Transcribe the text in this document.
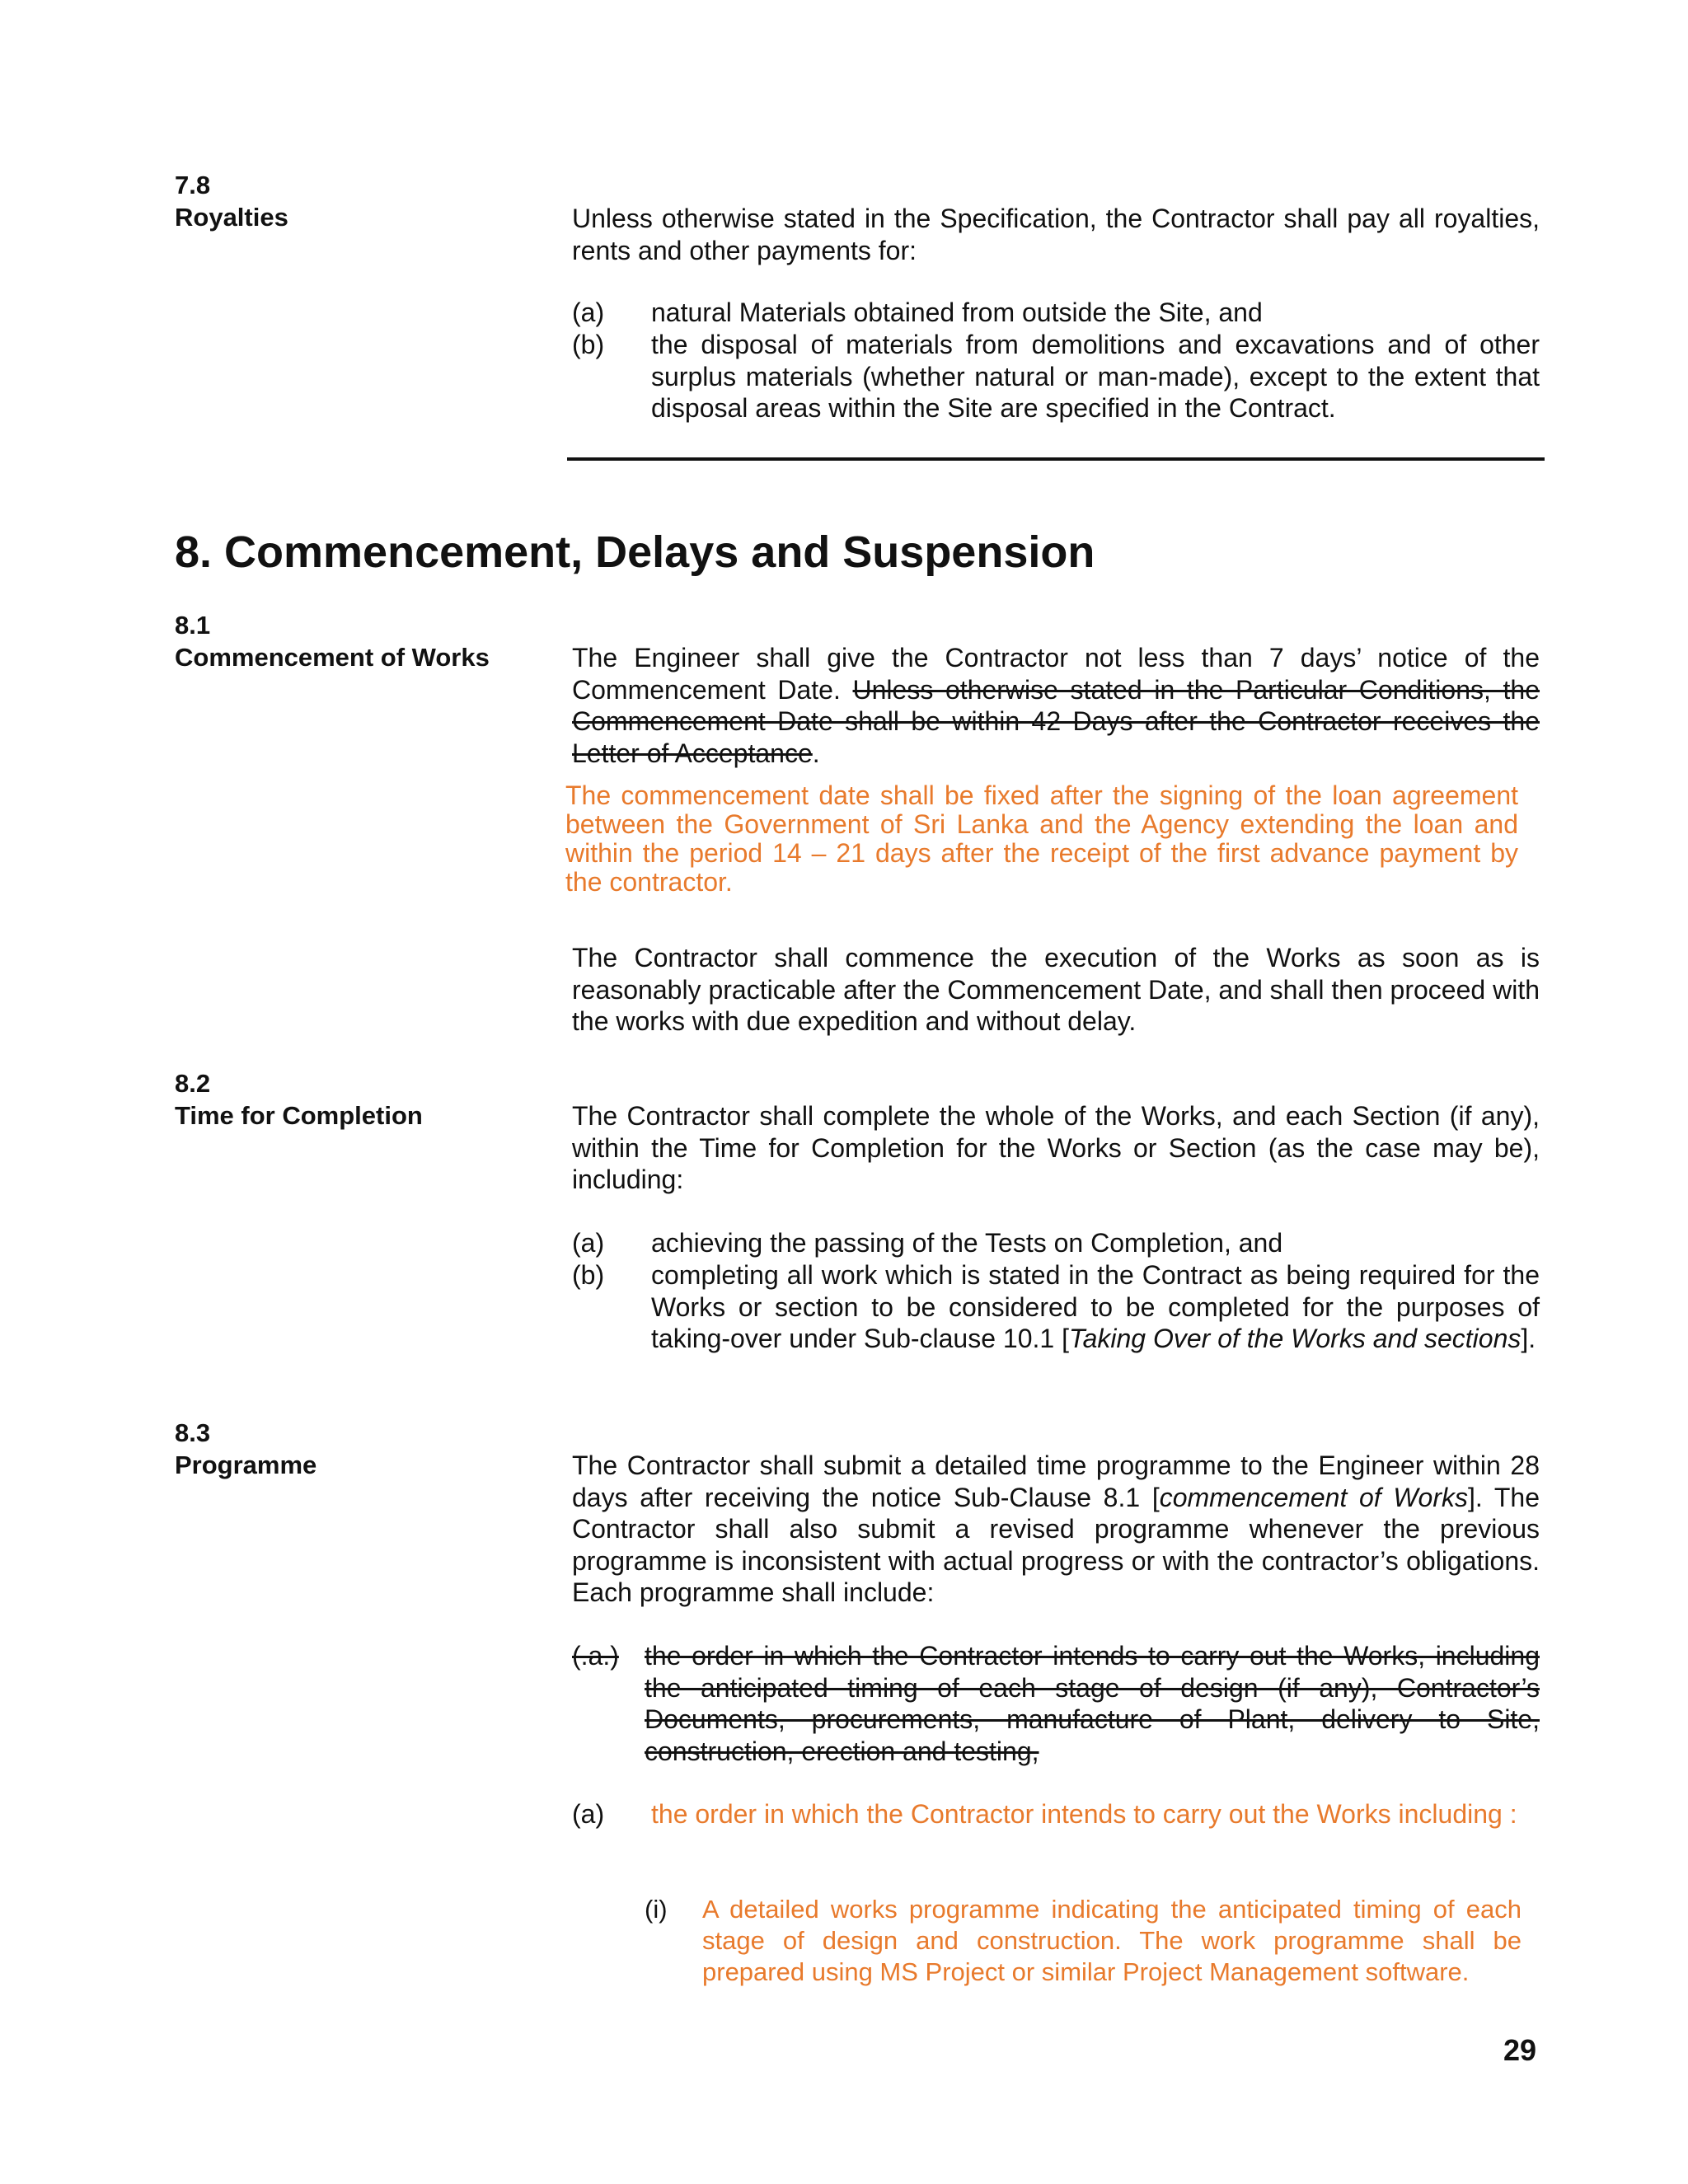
7.8
Royalties	Unless otherwise stated in the Specification, the Contractor shall pay all royalties, rents and other payments for:
(a) natural Materials obtained from outside the Site, and
(b) the disposal of materials from demolitions and excavations and of other surplus materials (whether natural or man-made), except to the extent that disposal areas within the Site are specified in the Contract.
8. Commencement, Delays and Suspension
8.1
Commencement of Works	The Engineer shall give the Contractor not less than 7 days’ notice of the Commencement Date. Unless otherwise stated in the Particular Conditions, the Commencement Date shall be within 42 Days after the Contractor receives the Letter of Acceptance.
The commencement date shall be fixed after the signing of the loan agreement between the Government of Sri Lanka and the Agency extending the loan and within the period 14 – 21 days after the receipt of the first advance payment by the contractor.
The Contractor shall commence the execution of the Works as soon as is reasonably practicable after the Commencement Date, and shall then proceed with the works with due expedition and without delay.
8.2
Time for Completion	The Contractor shall complete the whole of the Works, and each Section (if any), within the Time for Completion for the Works or Section (as the case may be), including:
(a) achieving the passing of the Tests on Completion, and
(b) completing all work which is stated in the Contract as being required for the Works or section to be considered to be completed for the purposes of taking-over under Sub-clause 10.1 [Taking Over of the Works and sections].
8.3
Programme	The Contractor shall submit a detailed time programme to the Engineer within 28 days after receiving the notice Sub-Clause 8.1 [commencement of Works]. The Contractor shall also submit a revised programme whenever the previous programme is inconsistent with actual progress or with the contractor’s obligations. Each programme shall include:
(.a.) the order in which the Contractor intends to carry out the Works, including the anticipated timing of each stage of design (if any), Contractor’s Documents, procurements, manufacture of Plant, delivery to Site, construction, erection and testing,
(a) the order in which the Contractor intends to carry out the Works including :
(i) A detailed works programme indicating the anticipated timing of each stage of design and construction. The work programme shall be prepared using MS Project or similar Project Management software.
29
